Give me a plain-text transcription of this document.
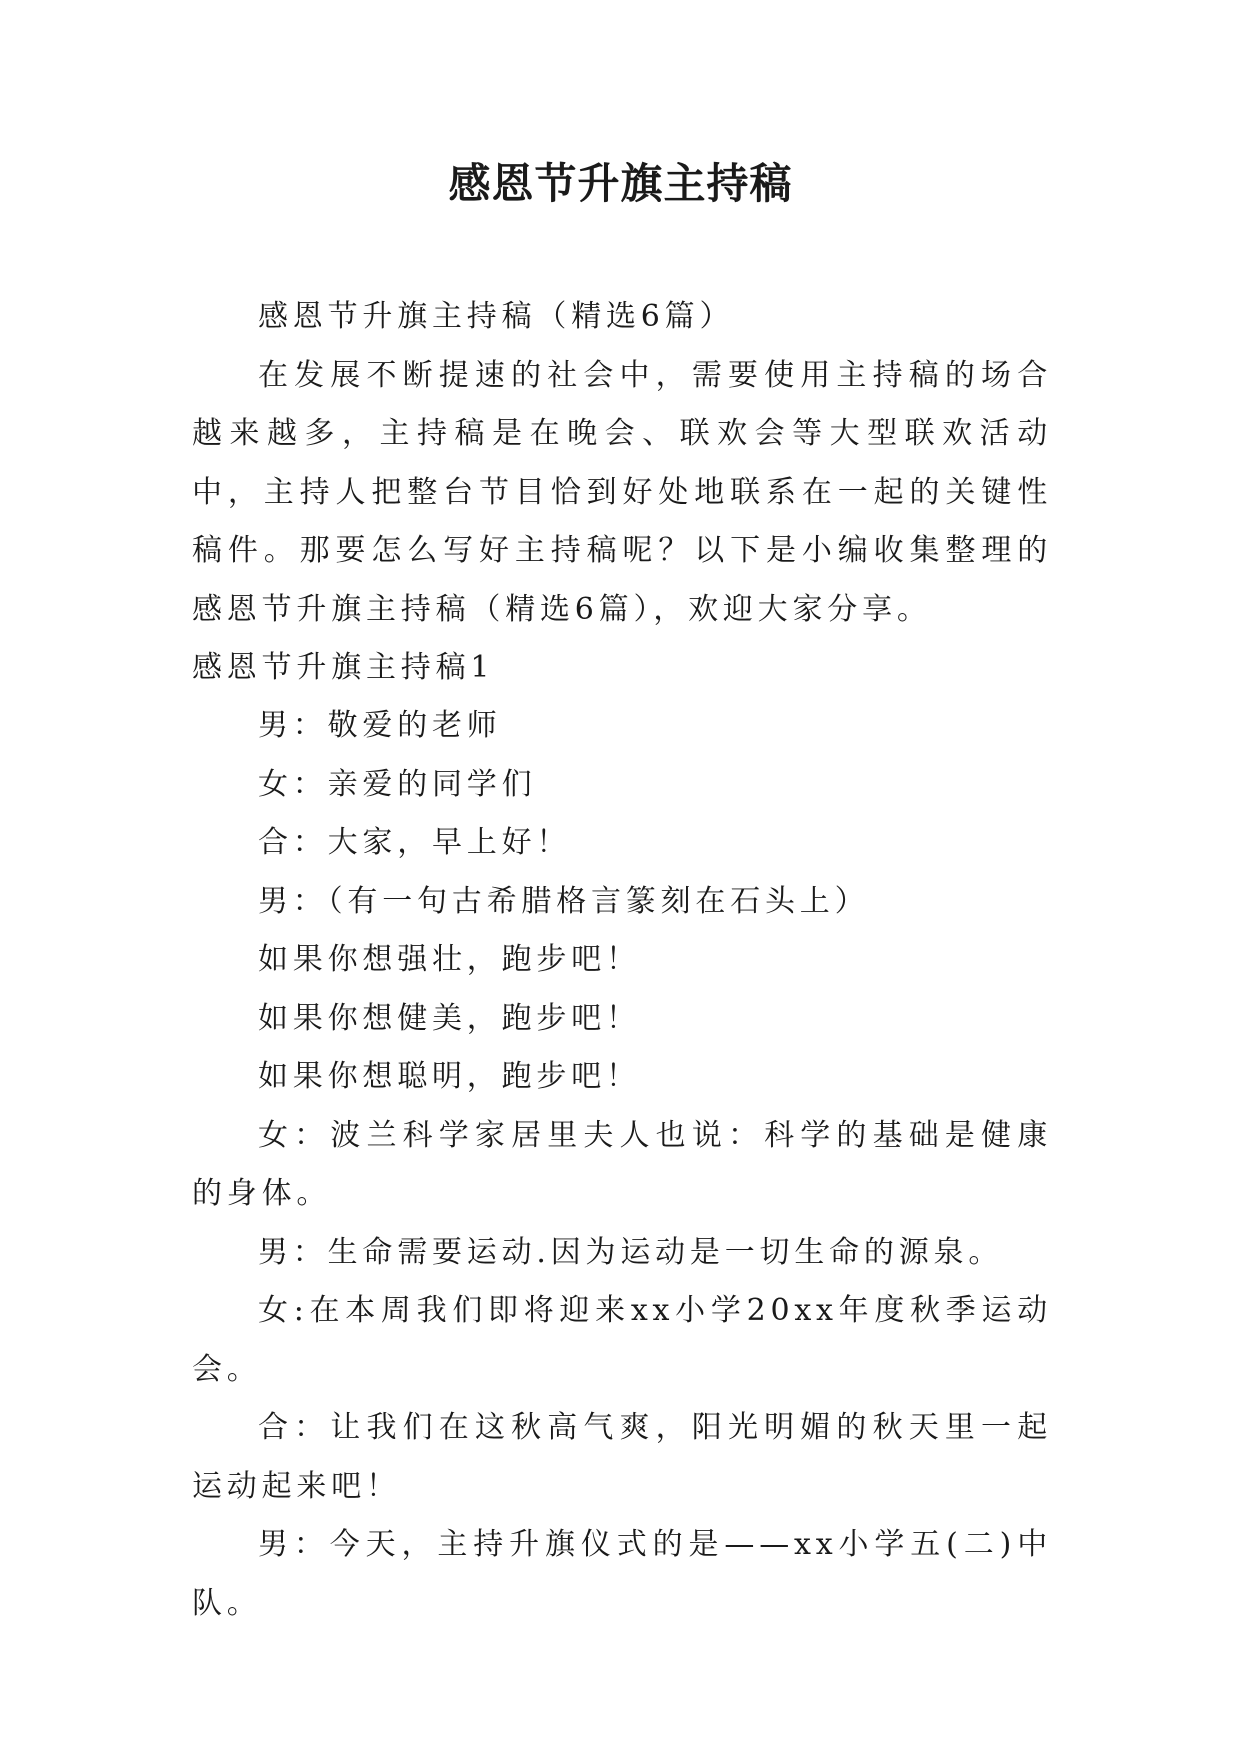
感恩节升旗主持稿

感恩节升旗主持稿（精选6篇）

在发展不断提速的社会中，需要使用主持稿的场合越来越多，主持稿是在晚会、联欢会等大型联欢活动中，主持人把整台节目恰到好处地联系在一起的关键性稿件。那要怎么写好主持稿呢？以下是小编收集整理的感恩节升旗主持稿（精选6篇），欢迎大家分享。

感恩节升旗主持稿1

男：敬爱的老师

女：亲爱的同学们

合：大家，早上好！

男：（有一句古希腊格言篆刻在石头上）

如果你想强壮，跑步吧！

如果你想健美，跑步吧！

如果你想聪明，跑步吧！

女：波兰科学家居里夫人也说：科学的基础是健康的身体。

男：生命需要运动.因为运动是一切生命的源泉。

女:在本周我们即将迎来xx小学20xx年度秋季运动会。

合：让我们在这秋高气爽，阳光明媚的秋天里一起运动起来吧！

男：今天，主持升旗仪式的是——xx小学五(二)中队。
